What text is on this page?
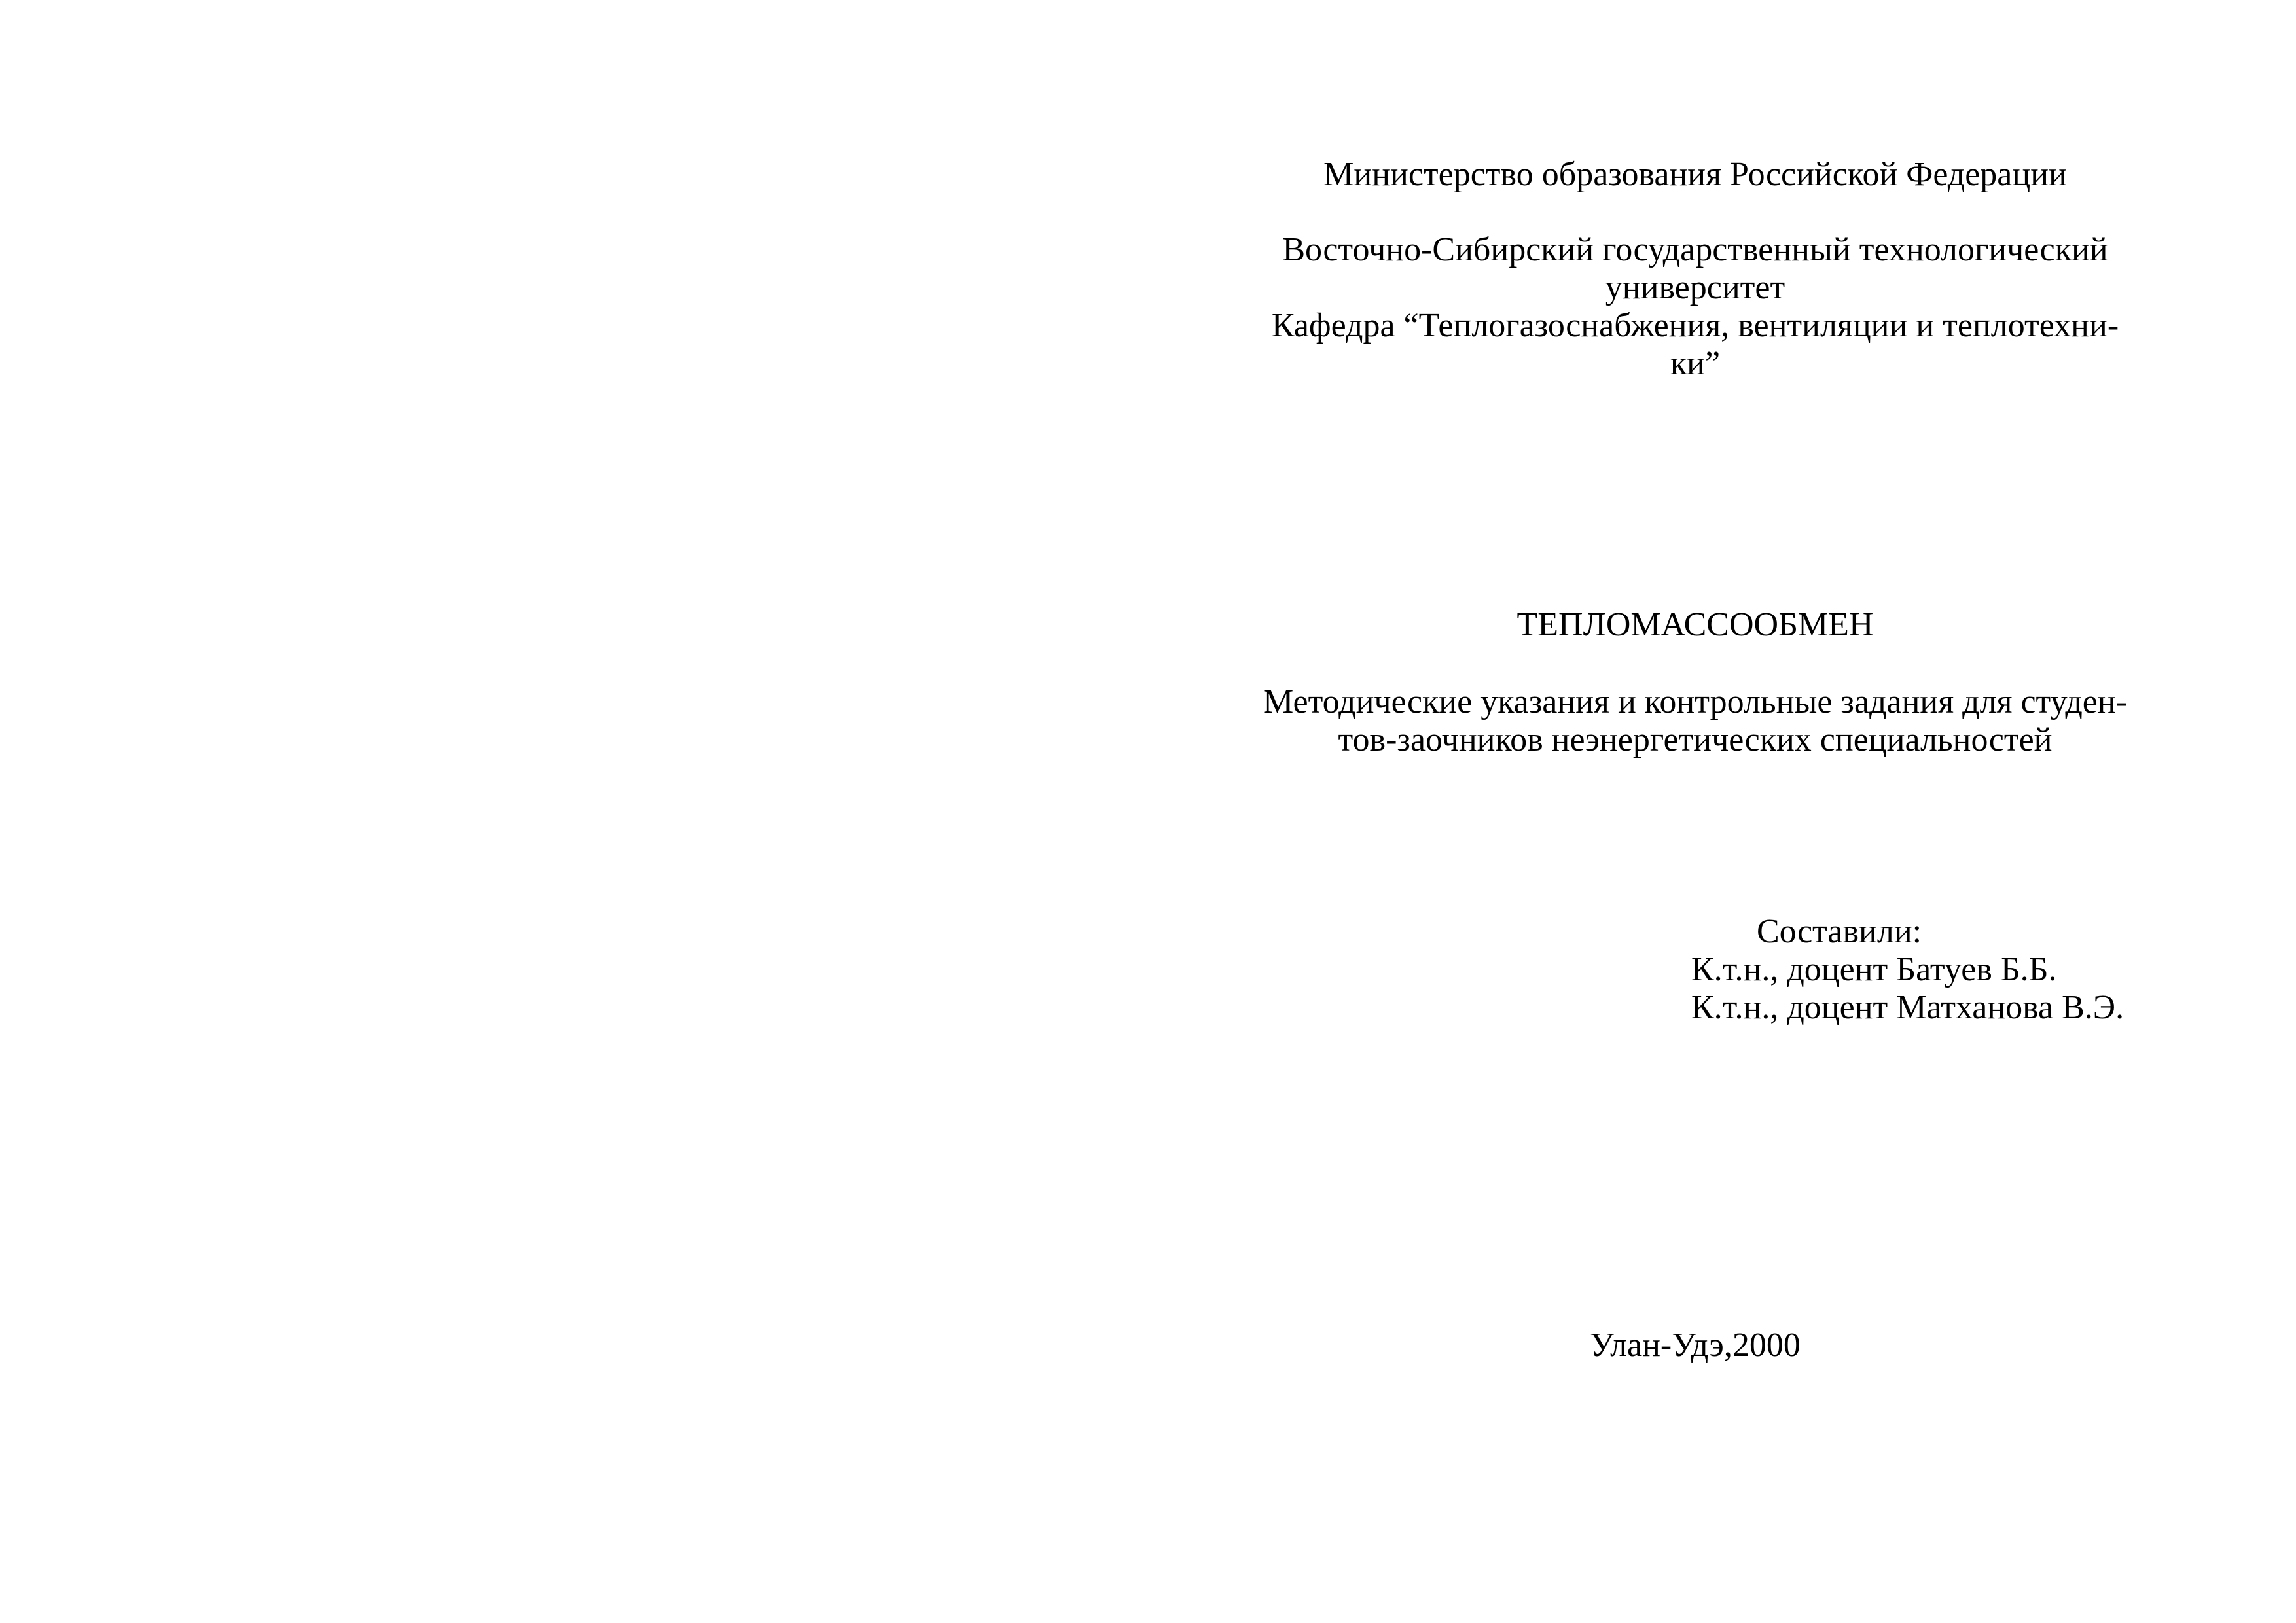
Министерство образования Российской Федерации
Восточно-Сибирский государственный технологический
университет
Кафедра “Теплогазоснабжения, вентиляции и теплотехни-
ки”
ТЕПЛОМАССООБМЕН
Методические указания и контрольные задания для студен-
тов-заочников неэнергетических специальностей
Составили:
К.т.н., доцент Батуев Б.Б.
К.т.н., доцент Матханова В.Э.
Улан-Удэ,2000
